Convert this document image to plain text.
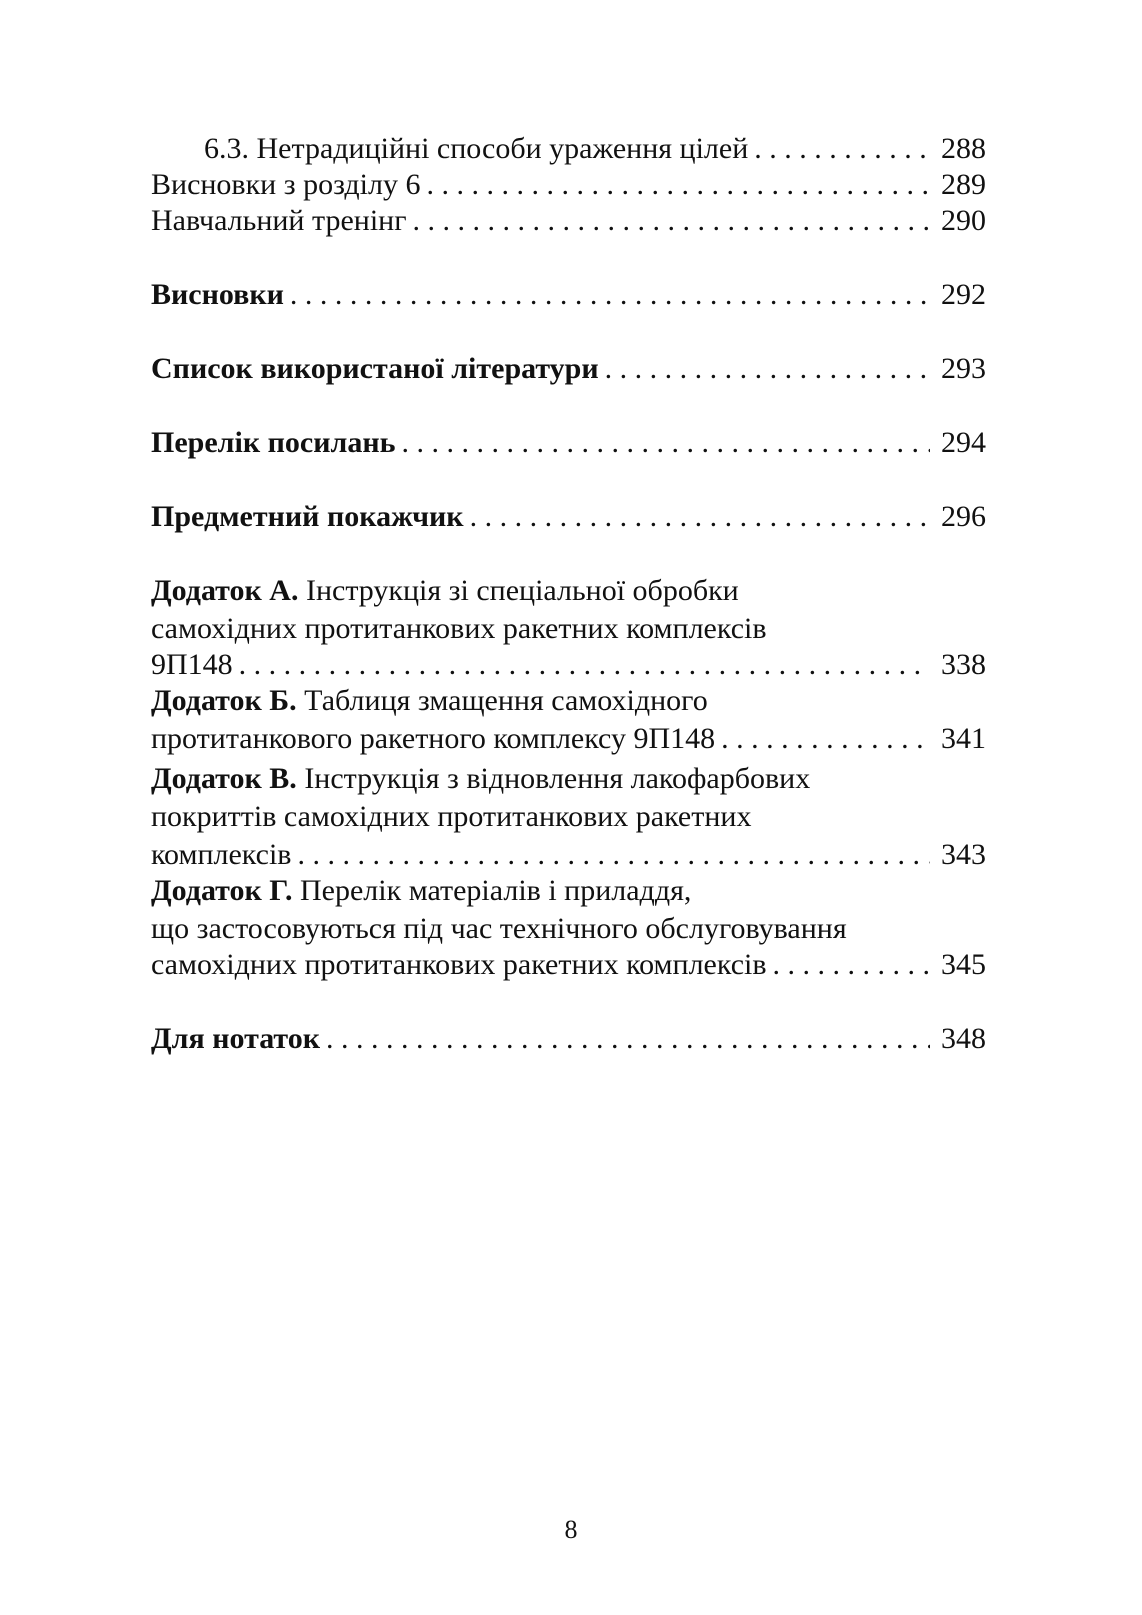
6.3. Нетрадиційні способи ураження цілей . . .	288
Висновки з розділу 6 . . .	289
Навчальний тренінг . . .	290
Висновки . . .	292
Список використаної літератури . . .	293
Перелік посилань . . .	294
Предметний покажчик . . .	296
Додаток А. Інструкція зі спеціальної обробки
самохідних протитанкових ракетних комплексів
9П148 . . .	338
Додаток Б. Таблиця змащення самохідного
протитанкового ракетного комплексу 9П148 . . .	341
Додаток В. Інструкція з відновлення лакофарбових
покриттів самохідних протитанкових ракетних
комплексів . . .	343
Додаток Г. Перелік матеріалів і приладдя,
що застосовуються під час технічного обслуговування
самохідних протитанкових ракетних комплексів . . .	345
Для нотаток . . .	348
8
